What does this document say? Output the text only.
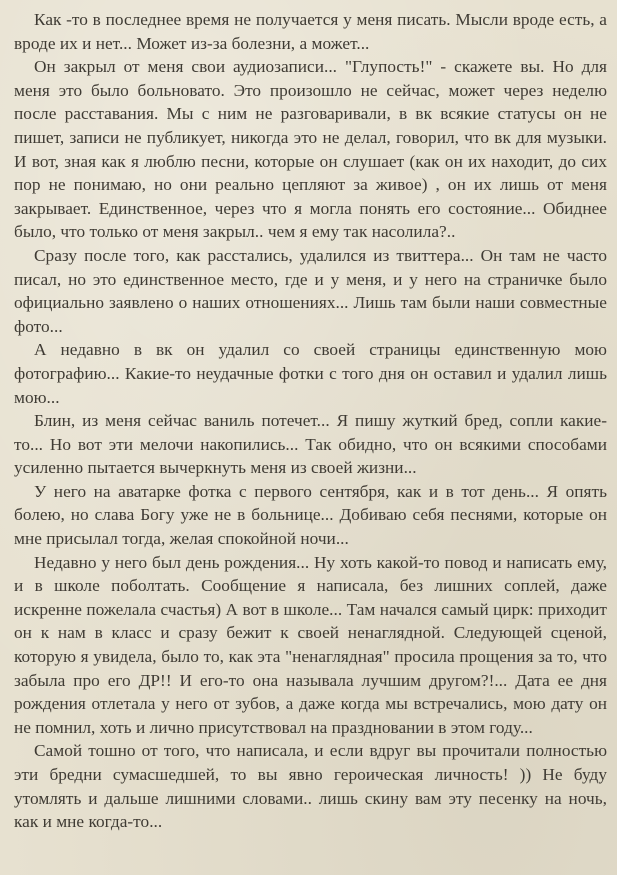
Как -то в последнее время не получается у меня писать. Мысли вроде есть, а вроде их и нет... Может из-за болезни, а может...

Он закрыл от меня свои аудиозаписи... "Глупость!" - скажете вы. Но для меня это было больновато. Это произошло не сейчас, может через неделю после расставания. Мы с ним не разговаривали, в вк всякие статусы он не пишет, записи не публикует, никогда это не делал, говорил, что вк для музыки. И вот, зная как я люблю песни, которые он слушает (как он их находит, до сих пор не понимаю, но они реально цепляют за живое) , он их лишь от меня закрывает. Единственное, через что я могла понять его состояние... Обиднее было, что только от меня закрыл.. чем я ему так насолила?..

Сразу после того, как расстались, удалился из твиттера... Он там не часто писал, но это единственное место, где и у меня, и у него на страничке было официально заявлено о наших отношениях... Лишь там были наши совместные фото...

А недавно в вк он удалил со своей страницы единственную мою фотографию... Какие-то неудачные фотки с того дня он оставил и удалил лишь мою...

Блин, из меня сейчас ваниль потечет... Я пишу жуткий бред, сопли какие-то... Но вот эти мелочи накопились... Так обидно, что он всякими способами усиленно пытается вычеркнуть меня из своей жизни...

У него на аватарке фотка с первого сентября, как и в тот день... Я опять болею, но слава Богу уже не в больнице... Добиваю себя песнями, которые он мне присылал тогда, желая спокойной ночи...

Недавно у него был день рождения... Ну хоть какой-то повод и написать ему, и в школе поболтать. Сообщение я написала, без лишних соплей, даже искренне пожелала счастья) А вот в школе... Там начался самый цирк: приходит он к нам в класс и сразу бежит к своей ненаглядной. Следующей сценой, которую я увидела, было то, как эта "ненаглядная" просила прощения за то, что забыла про его ДР!! И его-то она называла лучшим другом?!... Дата ее дня рождения отлетала у него от зубов, а даже когда мы встречались, мою дату он не помнил, хоть и лично присутствовал на праздновании в этом году...

Самой тошно от того, что написала, и если вдруг вы прочитали полностью эти бредни сумасшедшей, то вы явно героическая личность! )) Не буду утомлять и дальше лишними словами.. лишь скину вам эту песенку на ночь, как и мне когда-то...
